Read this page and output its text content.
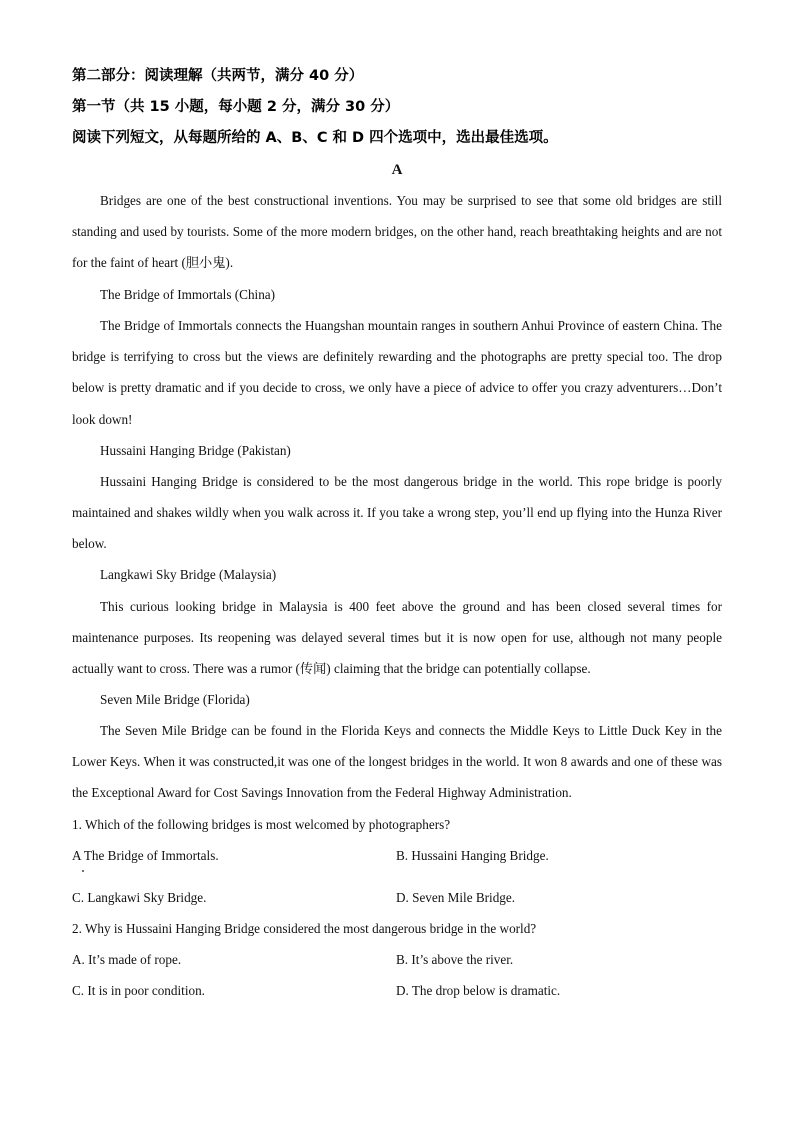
第二部分：阅读理解（共两节，满分 40 分）
第一节（共 15 小题，每小题 2 分，满分 30 分）
阅读下列短文，从每题所给的 A、B、C 和 D 四个选项中，选出最佳选项。
A
Bridges are one of the best constructional inventions. You may be surprised to see that some old bridges are still standing and used by tourists. Some of the more modern bridges, on the other hand, reach breathtaking heights and are not for the faint of heart (胆小鬼).
The Bridge of Immortals (China)
The Bridge of Immortals connects the Huangshan mountain ranges in southern Anhui Province of eastern China. The bridge is terrifying to cross but the views are definitely rewarding and the photographs are pretty special too. The drop below is pretty dramatic and if you decide to cross, we only have a piece of advice to offer you crazy adventurers…Don’t look down!
Hussaini Hanging Bridge (Pakistan)
Hussaini Hanging Bridge is considered to be the most dangerous bridge in the world. This rope bridge is poorly maintained and shakes wildly when you walk across it. If you take a wrong step, you’ll end up flying into the Hunza River below.
Langkawi Sky Bridge (Malaysia)
This curious looking bridge in Malaysia is 400 feet above the ground and has been closed several times for maintenance purposes. Its reopening was delayed several times but it is now open for use, although not many people actually want to cross. There was a rumor (传闻) claiming that the bridge can potentially collapse.
Seven Mile Bridge (Florida)
The Seven Mile Bridge can be found in the Florida Keys and connects the Middle Keys to Little Duck Key in the Lower Keys. When it was constructed,it was one of the longest bridges in the world. It won 8 awards and one of these was the Exceptional Award for Cost Savings Innovation from the Federal Highway Administration.
1. Which of the following bridges is most welcomed by photographers?
A The Bridge of Immortals.	B. Hussaini Hanging Bridge.
C. Langkawi Sky Bridge.	D. Seven Mile Bridge.
2. Why is Hussaini Hanging Bridge considered the most dangerous bridge in the world?
A. It’s made of rope.	B. It’s above the river.
C. It is in poor condition.	D. The drop below is dramatic.
